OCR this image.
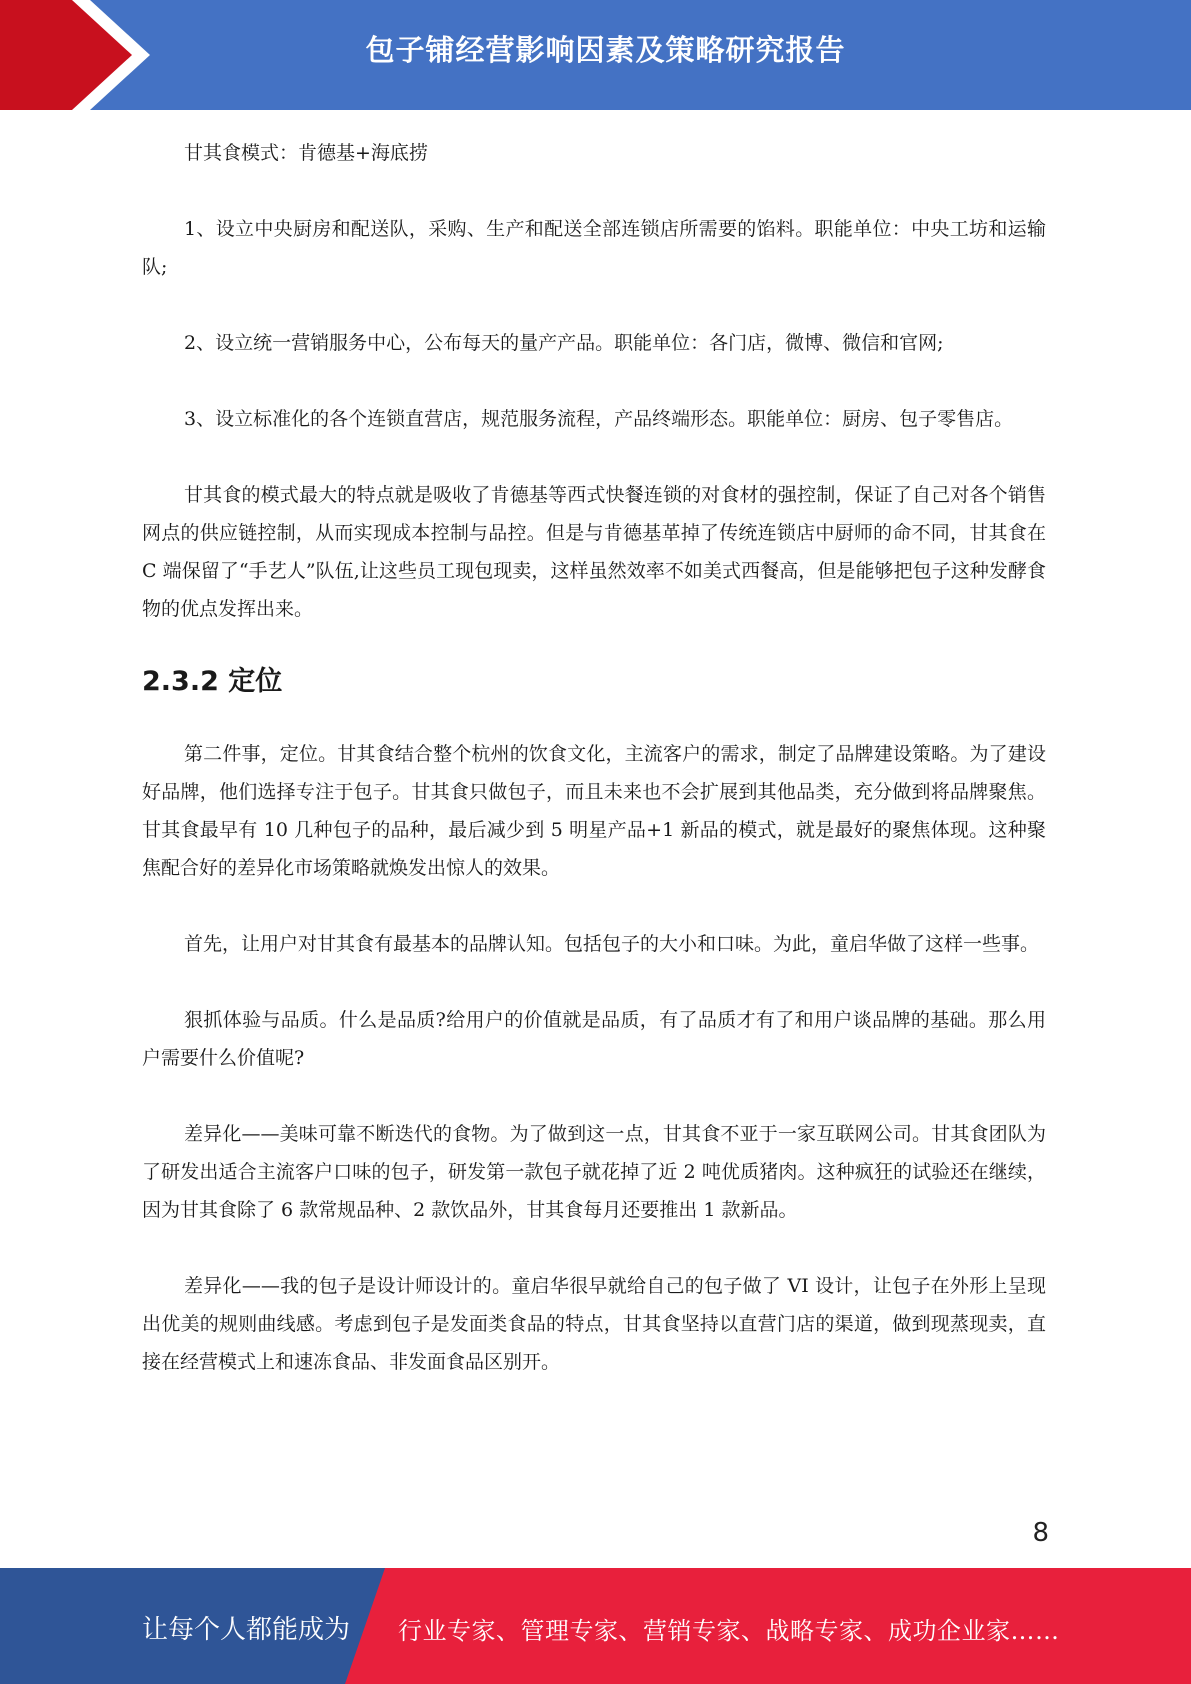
包子铺经营影响因素及策略研究报告

甘其食模式：肯德基+海底捞

1、设立中央厨房和配送队，采购、生产和配送全部连锁店所需要的馅料。职能单位：中央工坊和运输队;

2、设立统一营销服务中心，公布每天的量产产品。职能单位：各门店，微博、微信和官网;

3、设立标准化的各个连锁直营店，规范服务流程，产品终端形态。职能单位：厨房、包子零售店。

甘其食的模式最大的特点就是吸收了肯德基等西式快餐连锁的对食材的强控制，保证了自己对各个销售网点的供应链控制，从而实现成本控制与品控。但是与肯德基革掉了传统连锁店中厨师的命不同，甘其食在 C 端保留了“手艺人”队伍,让这些员工现包现卖，这样虽然效率不如美式西餐高，但是能够把包子这种发酵食物的优点发挥出来。

2.3.2 定位

第二件事，定位。甘其食结合整个杭州的饮食文化，主流客户的需求，制定了品牌建设策略。为了建设好品牌，他们选择专注于包子。甘其食只做包子，而且未来也不会扩展到其他品类，充分做到将品牌聚焦。甘其食最早有 10 几种包子的品种，最后减少到 5 明星产品+1 新品的模式，就是最好的聚焦体现。这种聚焦配合好的差异化市场策略就焕发出惊人的效果。

首先，让用户对甘其食有最基本的品牌认知。包括包子的大小和口味。为此，童启华做了这样一些事。

狠抓体验与品质。什么是品质?给用户的价值就是品质，有了品质才有了和用户谈品牌的基础。那么用户需要什么价值呢?

差异化——美味可靠不断迭代的食物。为了做到这一点，甘其食不亚于一家互联网公司。甘其食团队为了研发出适合主流客户口味的包子，研发第一款包子就花掉了近 2 吨优质猪肉。这种疯狂的试验还在继续，因为甘其食除了 6 款常规品种、2 款饮品外，甘其食每月还要推出 1 款新品。

差异化——我的包子是设计师设计的。童启华很早就给自己的包子做了 VI 设计，让包子在外形上呈现出优美的规则曲线感。考虑到包子是发面类食品的特点，甘其食坚持以直营门店的渠道，做到现蒸现卖，直接在经营模式上和速冻食品、非发面食品区别开。

8
让每个人都能成为 行业专家、管理专家、营销专家、战略专家、成功企业家……
